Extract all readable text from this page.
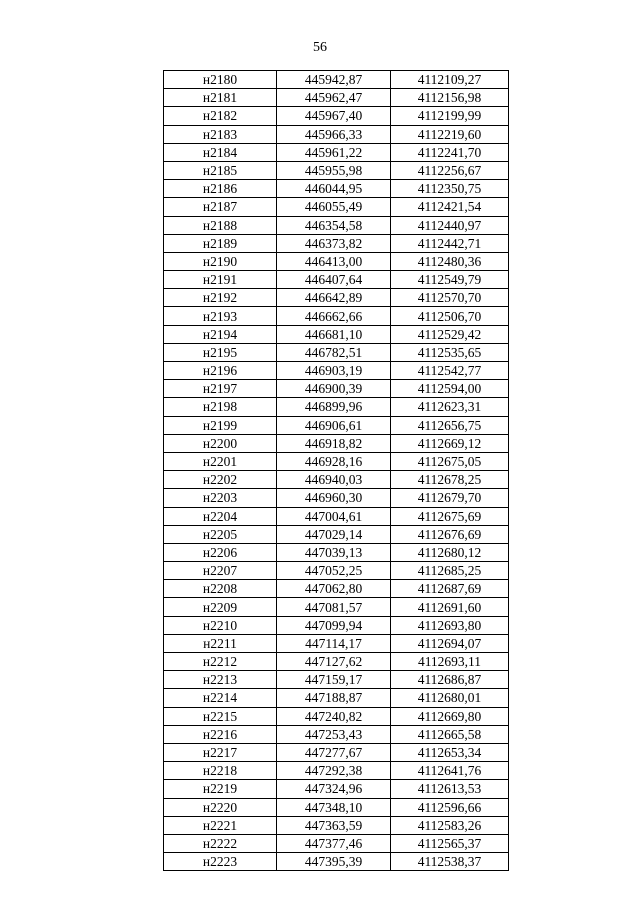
56
н2180	445942,87	4112109,27
н2181	445962,47	4112156,98
н2182	445967,40	4112199,99
н2183	445966,33	4112219,60
н2184	445961,22	4112241,70
н2185	445955,98	4112256,67
н2186	446044,95	4112350,75
н2187	446055,49	4112421,54
н2188	446354,58	4112440,97
н2189	446373,82	4112442,71
н2190	446413,00	4112480,36
н2191	446407,64	4112549,79
н2192	446642,89	4112570,70
н2193	446662,66	4112506,70
н2194	446681,10	4112529,42
н2195	446782,51	4112535,65
н2196	446903,19	4112542,77
н2197	446900,39	4112594,00
н2198	446899,96	4112623,31
н2199	446906,61	4112656,75
н2200	446918,82	4112669,12
н2201	446928,16	4112675,05
н2202	446940,03	4112678,25
н2203	446960,30	4112679,70
н2204	447004,61	4112675,69
н2205	447029,14	4112676,69
н2206	447039,13	4112680,12
н2207	447052,25	4112685,25
н2208	447062,80	4112687,69
н2209	447081,57	4112691,60
н2210	447099,94	4112693,80
н2211	447114,17	4112694,07
н2212	447127,62	4112693,11
н2213	447159,17	4112686,87
н2214	447188,87	4112680,01
н2215	447240,82	4112669,80
н2216	447253,43	4112665,58
н2217	447277,67	4112653,34
н2218	447292,38	4112641,76
н2219	447324,96	4112613,53
н2220	447348,10	4112596,66
н2221	447363,59	4112583,26
н2222	447377,46	4112565,37
н2223	447395,39	4112538,37
